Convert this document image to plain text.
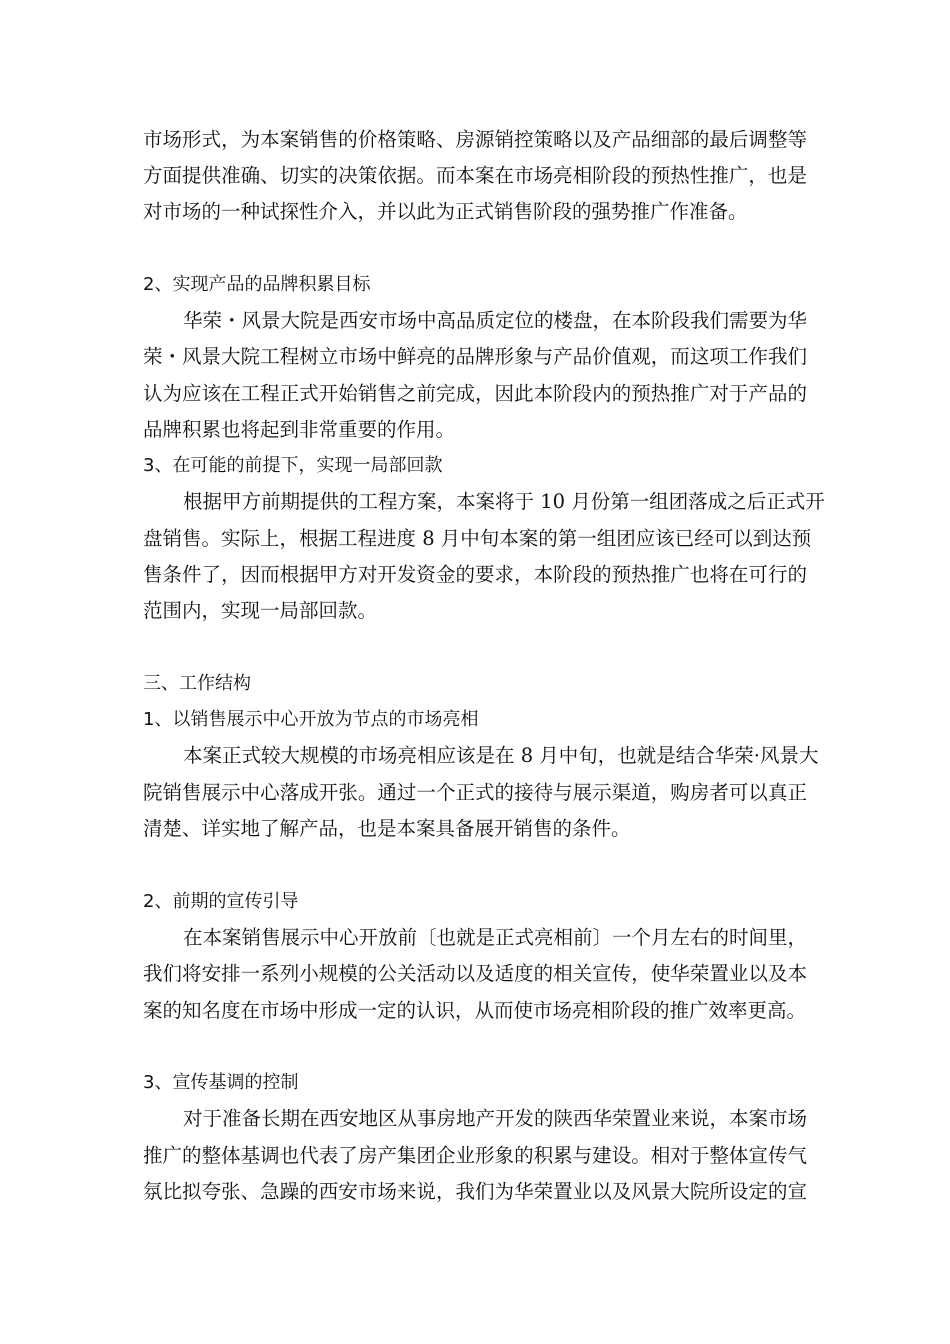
市场形式，为本案销售的价格策略、房源销控策略以及产品细部的最后调整等
方面提供准确、切实的决策依据。而本案在市场亮相阶段的预热性推广，也是
对市场的一种试探性介入，并以此为正式销售阶段的强势推广作准备。
2、实现产品的品牌积累目标
华荣・风景大院是西安市场中高品质定位的楼盘，在本阶段我们需要为华
荣・风景大院工程树立市场中鲜亮的品牌形象与产品价值观，而这项工作我们
认为应该在工程正式开始销售之前完成，因此本阶段内的预热推广对于产品的
品牌积累也将起到非常重要的作用。
3、在可能的前提下，实现一局部回款
根据甲方前期提供的工程方案，本案将于 10 月份第一组团落成之后正式开
盘销售。实际上，根据工程进度 8 月中旬本案的第一组团应该已经可以到达预
售条件了，因而根据甲方对开发资金的要求，本阶段的预热推广也将在可行的
范围内，实现一局部回款。
三、工作结构
1、以销售展示中心开放为节点的市场亮相
本案正式较大规模的市场亮相应该是在 8 月中旬，也就是结合华荣·风景大
院销售展示中心落成开张。通过一个正式的接待与展示渠道，购房者可以真正
清楚、详实地了解产品，也是本案具备展开销售的条件。
2、前期的宣传引导
在本案销售展示中心开放前〔也就是正式亮相前〕一个月左右的时间里，
我们将安排一系列小规模的公关活动以及适度的相关宣传，使华荣置业以及本
案的知名度在市场中形成一定的认识，从而使市场亮相阶段的推广效率更高。
3、宣传基调的控制
对于准备长期在西安地区从事房地产开发的陕西华荣置业来说，本案市场
推广的整体基调也代表了房产集团企业形象的积累与建设。相对于整体宣传气
氛比拟夸张、急躁的西安市场来说，我们为华荣置业以及风景大院所设定的宣
